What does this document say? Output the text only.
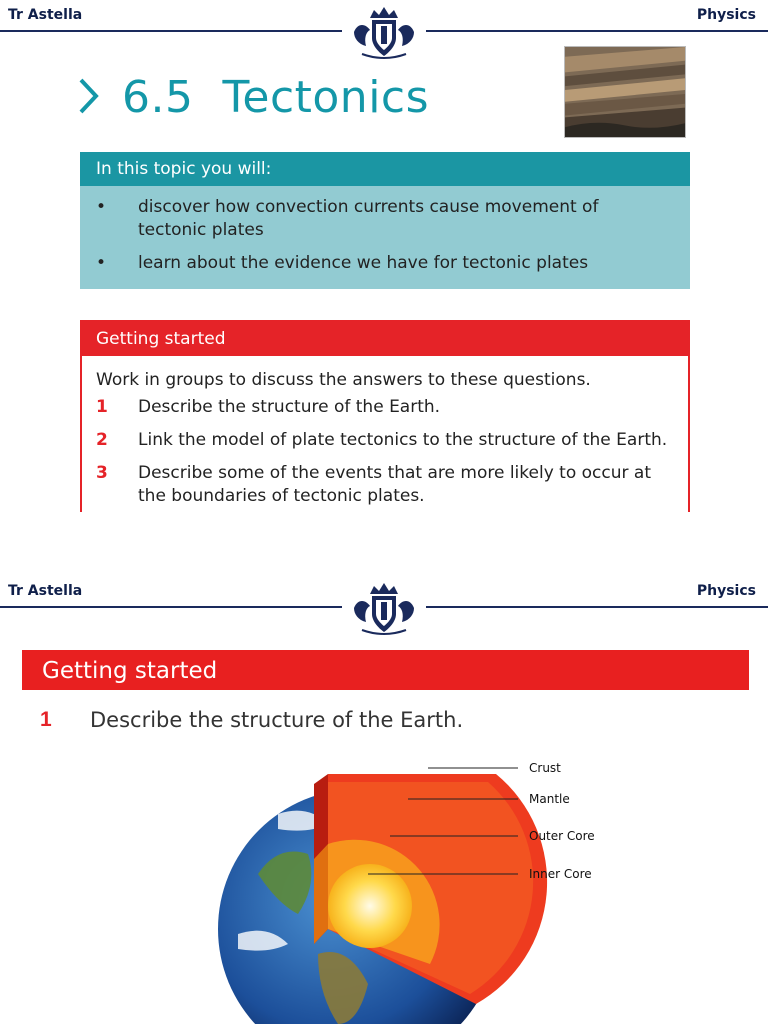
Tr Astella	Physics
6.5 Tectonics
In this topic you will:
• discover how convection currents cause movement of tectonic plates
• learn about the evidence we have for tectonic plates
Getting started
Work in groups to discuss the answers to these questions.
1 Describe the structure of the Earth.
2 Link the model of plate tectonics to the structure of the Earth.
3 Describe some of the events that are more likely to occur at the boundaries of tectonic plates.
Tr Astella	Physics
Getting started
1 Describe the structure of the Earth.
Crust
Mantle
Outer Core
Inner Core
